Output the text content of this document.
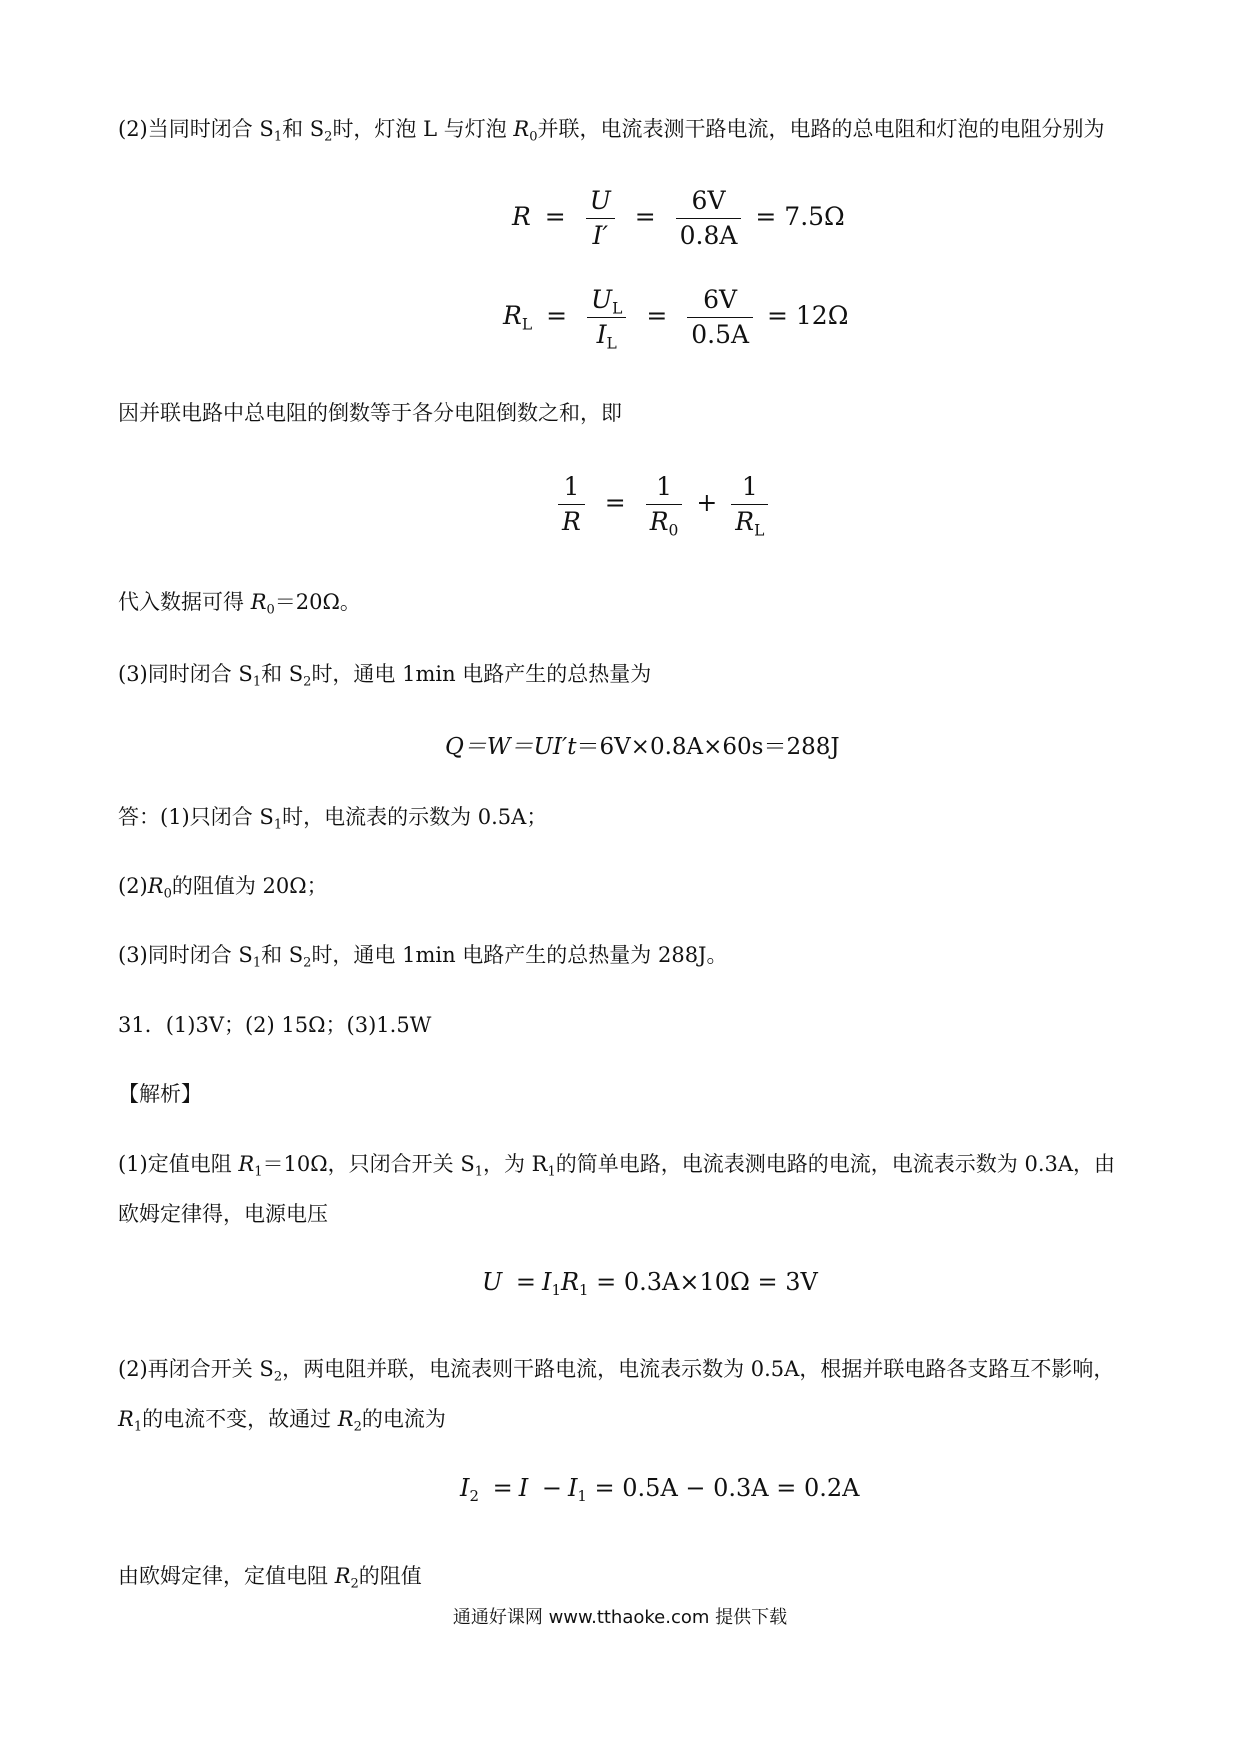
(2)当同时闭合 $S_1$和 $S_2$时，灯泡 L 与灯泡 $R_0$并联，电流表测干路电流，电路的总电阻和灯泡的电阻分别为
$R = \frac{U}{I'} = \frac{6V}{0.8A} = 7.5\Omega$
$R_L = \frac{U_L}{I_L} = \frac{6V}{0.5A} = 12\Omega$
因并联电路中总电阻的倒数等于各分电阻倒数之和，即
$\frac{1}{R} = \frac{1}{R_0} + \frac{1}{R_L}$
代入数据可得 $R_0=20\Omega$。
(3)同时闭合 $S_1$和 $S_2$时，通电 1min 电路产生的总热量为
Q＝W＝UI′t＝6V×0.8A×60s＝288J
答：(1)只闭合 $S_1$时，电流表的示数为 0.5A；
$(2)R_0$的阻值为 20Ω；
(3)同时闭合 $S_1$和 $S_2$时，通电 1min 电路产生的总热量为 288J。
31．(1)3V；(2) 15Ω；(3)1.5W
【解析】
(1)定值电阻 $R_1=10\Omega$，只闭合开关 $S_1$，为 $R_1$的简单电路，电流表测电路的电流，电流表示数为 0.3A，由
欧姆定律得，电源电压
$U = I_1R_1 = 0.3A\times 10\Omega = 3V$
(2)再闭合开关 $S_2$，两电阻并联，电流表则干路电流，电流表示数为 0.5A，根据并联电路各支路互不影响，
$R_1$的电流不变，故通过 $R_2$的电流为
$I_2 = I - I_1 = 0.5A - 0.3A = 0.2A$
由欧姆定律，定值电阻 $R_2$的阻值
通通好课网 www.tthaoke.com 提供下载
